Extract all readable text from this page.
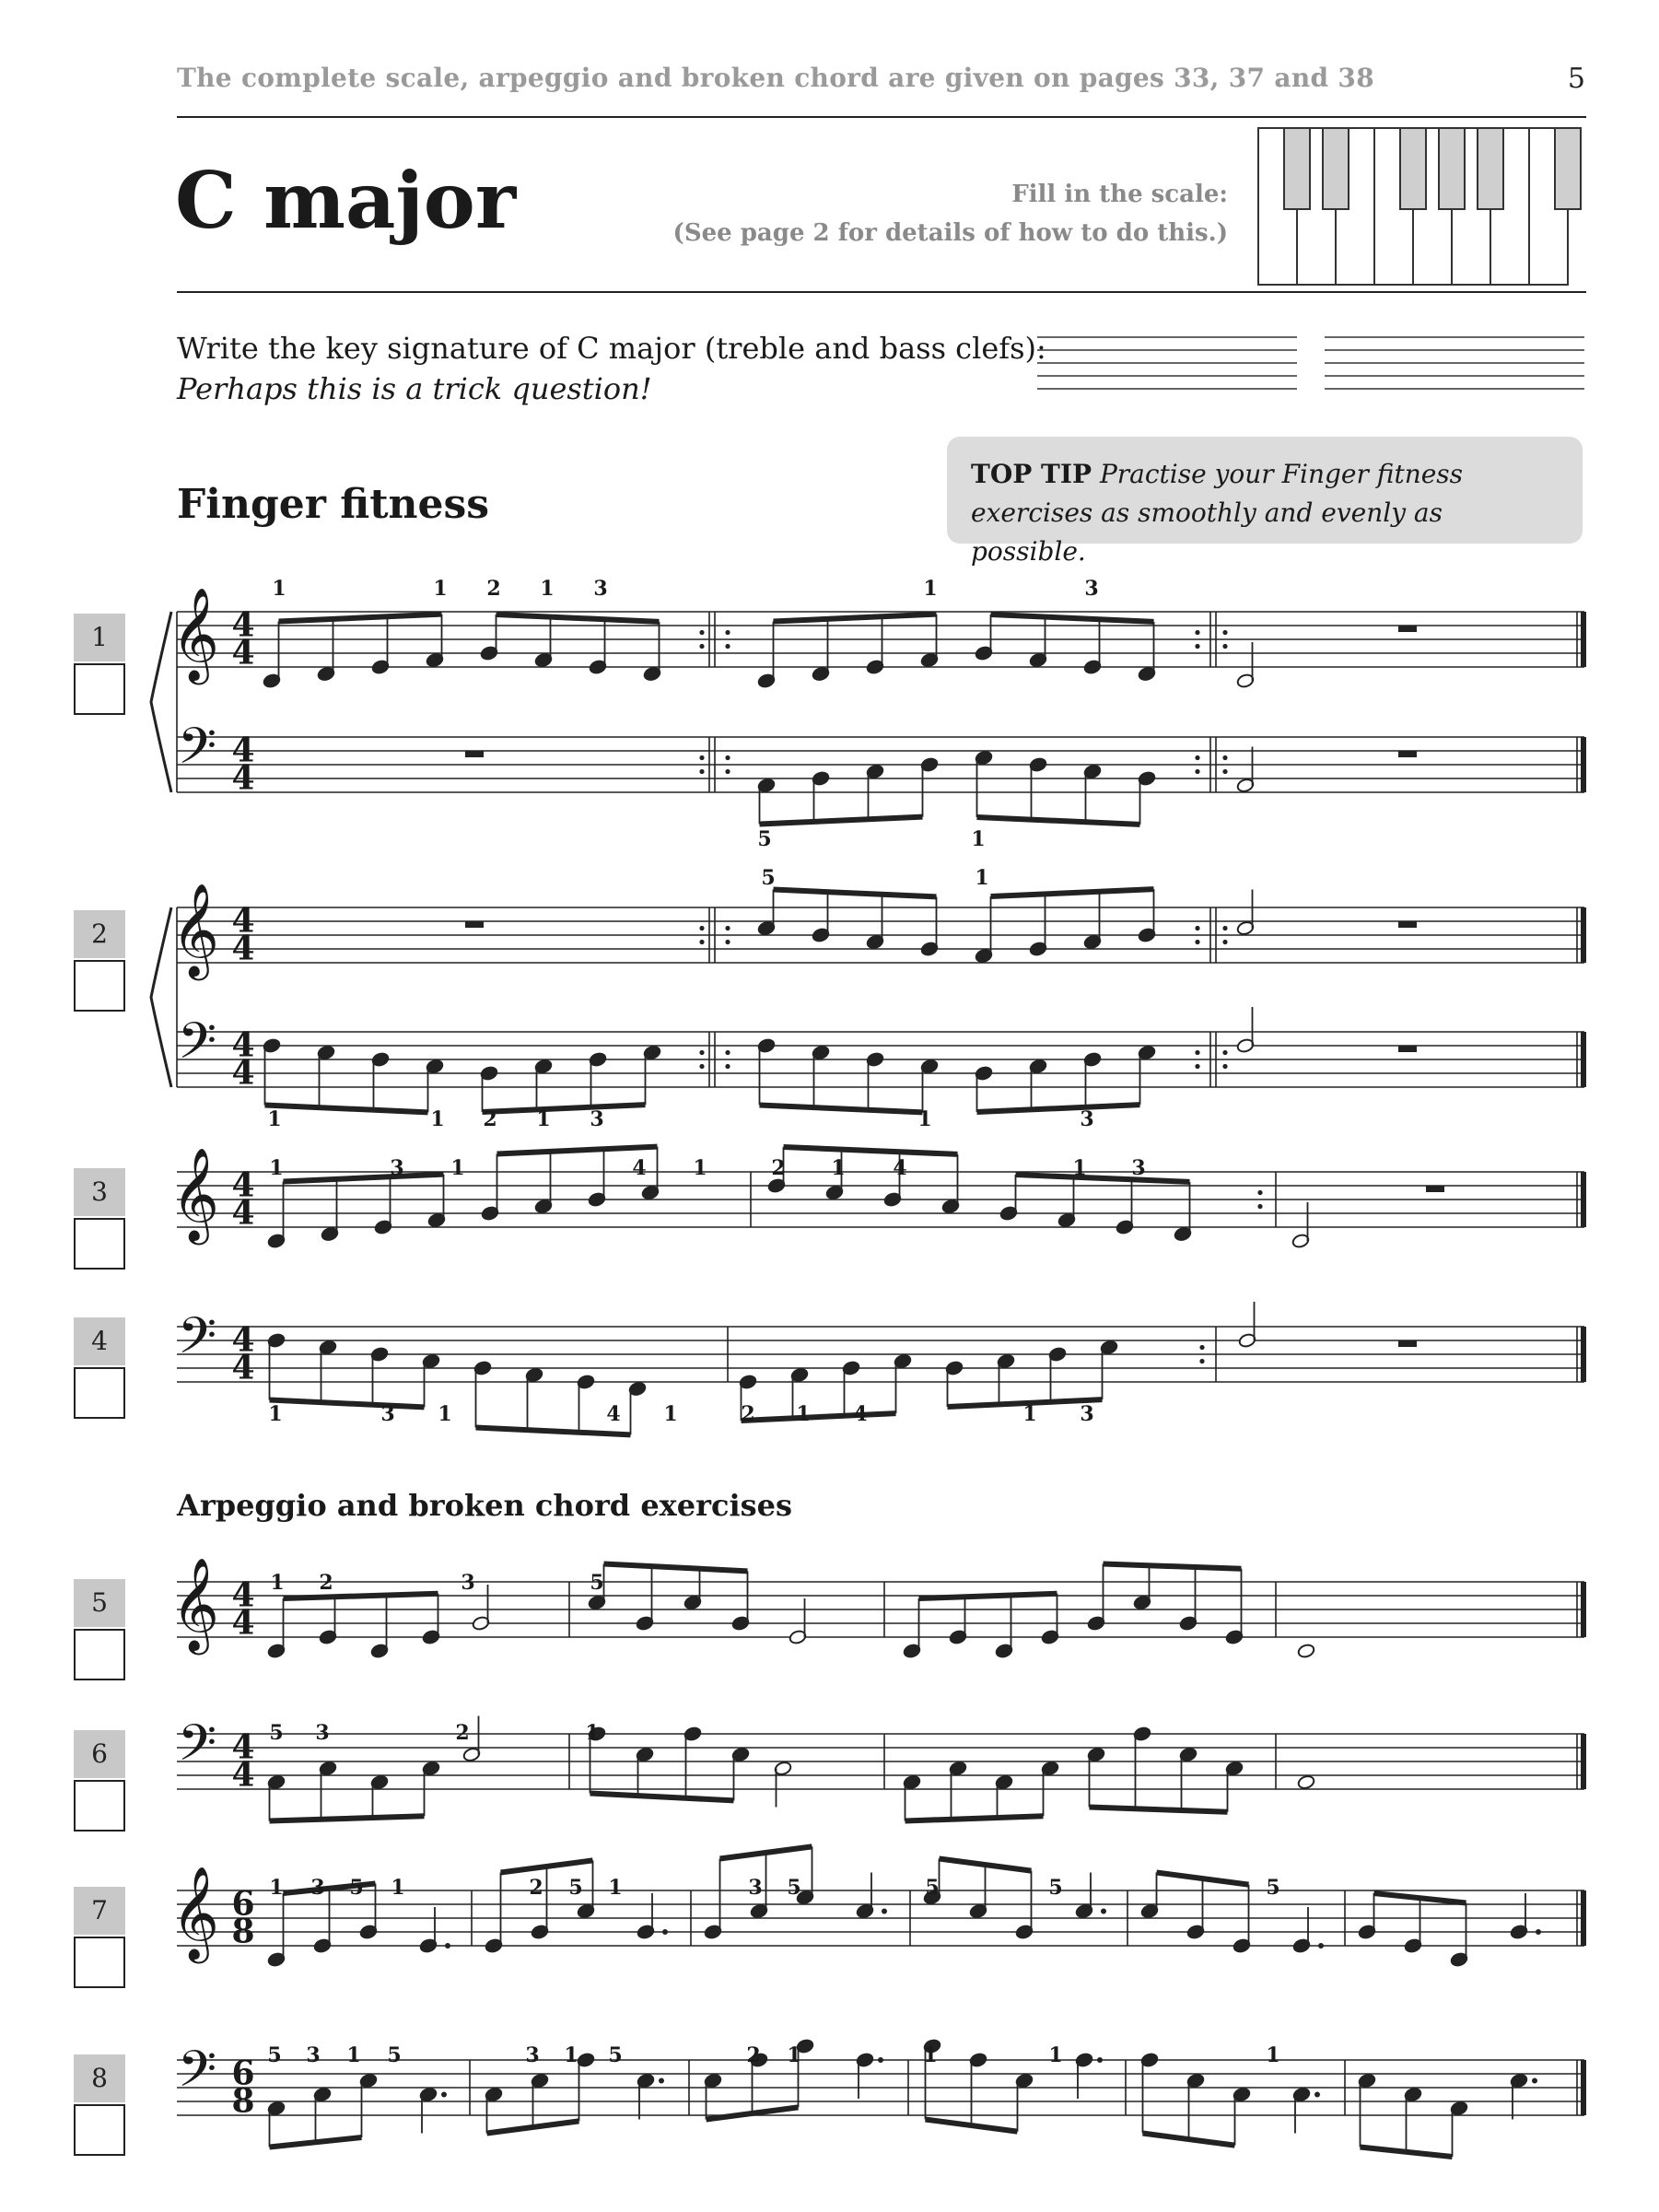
The complete scale, arpeggio and broken chord are given on pages 33, 37 and 38	5
C major	Fill in the scale:
(See page 2 for details of how to do this.)
Write the key signature of C major (treble and bass clefs):
Perhaps this is a trick question!
TOP TIP Practise your Finger fitness exercises as smoothly and evenly as possible.
Finger fitness
Arpeggio and broken chord exercises
1
2
3
4
5
6
7
8
𝄞
𝄢
4
4
4
4
1	1 2 1 3	1	3
5	1
𝄞
𝄢
4
4
4
4
1	1 2 1 3
5	1
1	3
𝄞 4
4
1	3 1	4 1	2 1 4	1 3
𝄢 4
4
1	3 1	4 1	2 1 4	1 3
𝄞 4
4
1 2	3	5
𝄢 4
4
5 3	2	1
𝄞 6
8
1 3 5 1	2 5 1	3 5	5	5	5
𝄢 6
8
5 3 1 5	3 1 5	2 1	1	1	1
